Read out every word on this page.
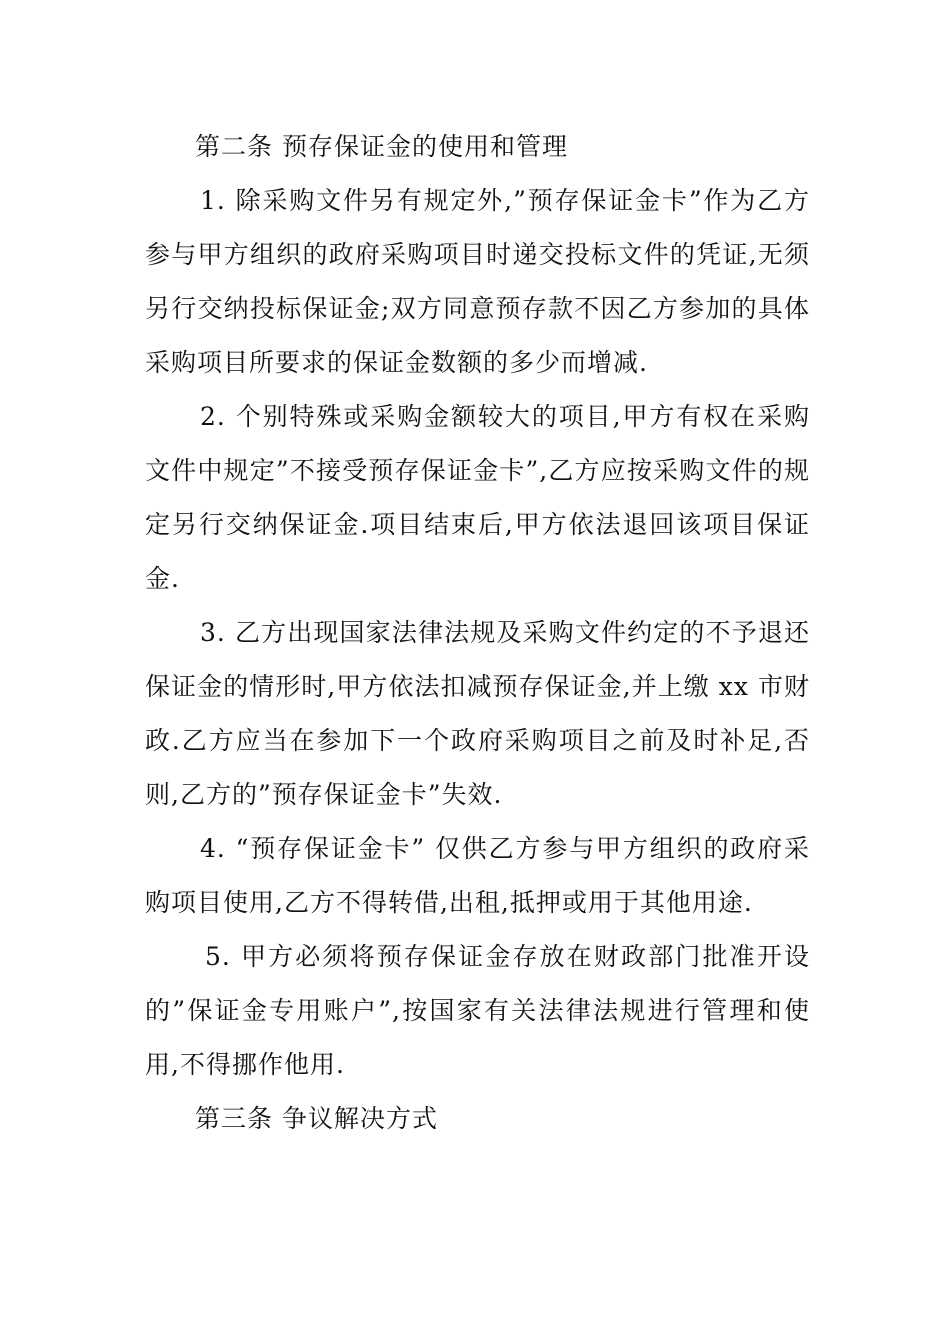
第二条 预存保证金的使用和管理

1. 除采购文件另有规定外,”预存保证金卡”作为乙方参与甲方组织的政府采购项目时递交投标文件的凭证,无须另行交纳投标保证金;双方同意预存款不因乙方参加的具体采购项目所要求的保证金数额的多少而增减.

2. 个别特殊或采购金额较大的项目,甲方有权在采购文件中规定”不接受预存保证金卡”,乙方应按采购文件的规定另行交纳保证金.项目结束后,甲方依法退回该项目保证金.

3. 乙方出现国家法律法规及采购文件约定的不予退还保证金的情形时,甲方依法扣减预存保证金,并上缴 xx 市财政.乙方应当在参加下一个政府采购项目之前及时补足,否则,乙方的”预存保证金卡”失效.

4. “预存保证金卡” 仅供乙方参与甲方组织的政府采购项目使用,乙方不得转借,出租,抵押或用于其他用途.

5. 甲方必须将预存保证金存放在财政部门批准开设的”保证金专用账户”,按国家有关法律法规进行管理和使用,不得挪作他用.

第三条 争议解决方式
